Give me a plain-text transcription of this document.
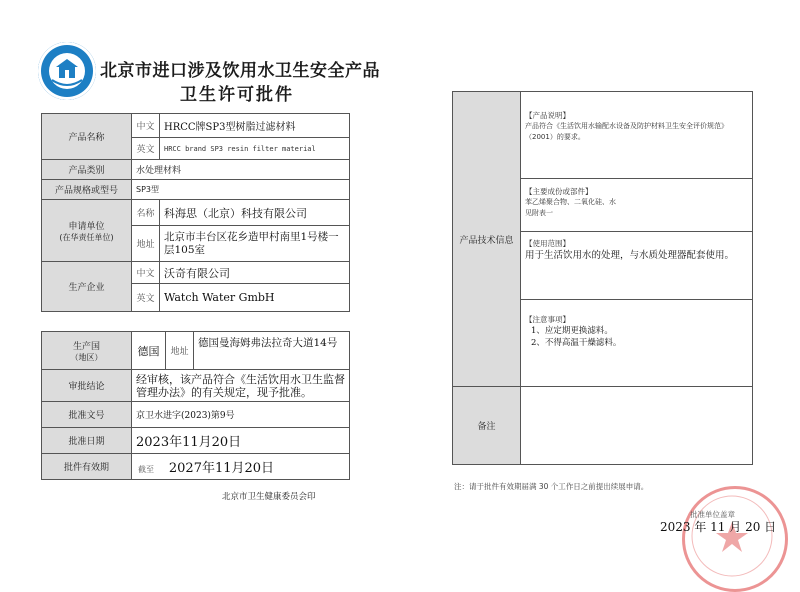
北京市进口涉及饮用水卫生安全产品
卫生许可批件
产品名称	中文	HRCC牌SP3型树脂过滤材料
	英文	HRCC brand SP3 resin filter material
产品类别	水处理材料	
产品规格或型号	SP3型	

申请单位
(在华责任单位)	名称	科海思（北京）科技有限公司
	地址	北京市丰台区花乡造甲村南里1号楼一层105室
生产企业	中文	沃奇有限公司
	英文	Watch Water GmbH
生产国
（地区）	德国	地址	德国曼海姆弗法拉奇大道14号
审批结论	经审核，该产品符合《生活饮用水卫生监督管理办法》的有关规定，现予批准。
批准文号	京卫水进字(2023)第9号
批准日期	2023年11月20日
批件有效期	截至 2027年11月20日
北京市卫生健康委员会印
产品技术信息	【产品说明】
产品符合《生活饮用水输配水设备及防护材料卫生安全评价规范》（2001）的要求。

	【主要成份或部件】
苯乙烯聚合物、二氧化硅、水
见附表一

	【使用范围】
用于生活饮用水的处理，与水质处理器配套使用。

	【注意事项】
1、应定期更换滤料。
2、不得高温干燥滤料。

备注	
注：请于批件有效期届满 30 个工作日之前提出续展申请。
批准单位盖章
2023 年 11 月 20 日
